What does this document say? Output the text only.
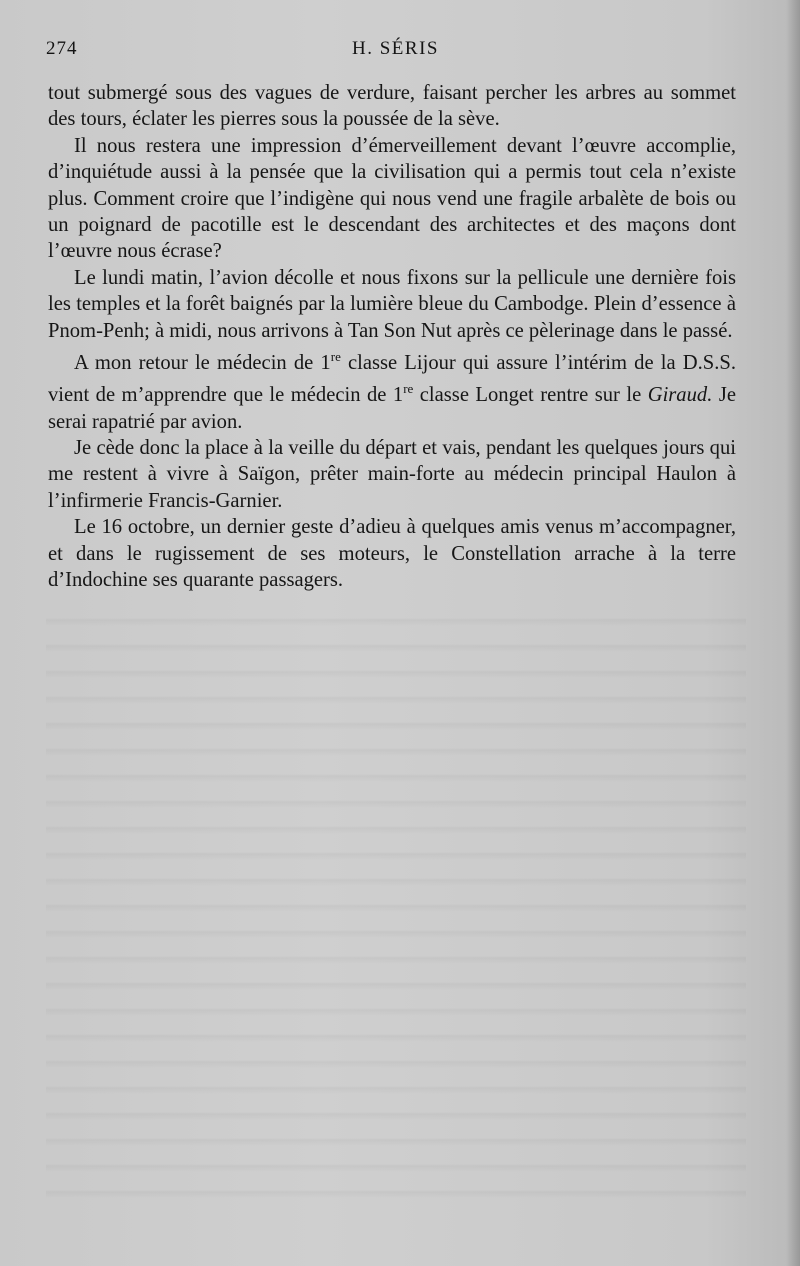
274	H. SÉRIS

tout submergé sous des vagues de verdure, faisant percher les arbres au sommet des tours, éclater les pierres sous la poussée de la sève.

Il nous restera une impression d’émerveillement devant l’œuvre accomplie, d’inquiétude aussi à la pensée que la civilisation qui a permis tout cela n’existe plus. Comment croire que l’indigène qui nous vend une fragile arbalète de bois ou un poignard de pacotille est le descendant des architectes et des maçons dont l’œuvre nous écrase?

Le lundi matin, l’avion décolle et nous fixons sur la pellicule une dernière fois les temples et la forêt baignés par la lumière bleue du Cambodge. Plein d’essence à Pnom-Penh; à midi, nous arrivons à Tan Son Nut après ce pèlerinage dans le passé.

A mon retour le médecin de 1re classe Lijour qui assure l’intérim de la D.S.S. vient de m’apprendre que le médecin de 1re classe Longet rentre sur le Giraud. Je serai rapatrié par avion.

Je cède donc la place à la veille du départ et vais, pendant les quelques jours qui me restent à vivre à Saïgon, prêter main-forte au médecin principal Haulon à l’infirmerie Francis-Garnier.

Le 16 octobre, un dernier geste d’adieu à quelques amis venus m’accompagner, et dans le rugissement de ses moteurs, le Constellation arrache à la terre d’Indochine ses quarante passagers.
